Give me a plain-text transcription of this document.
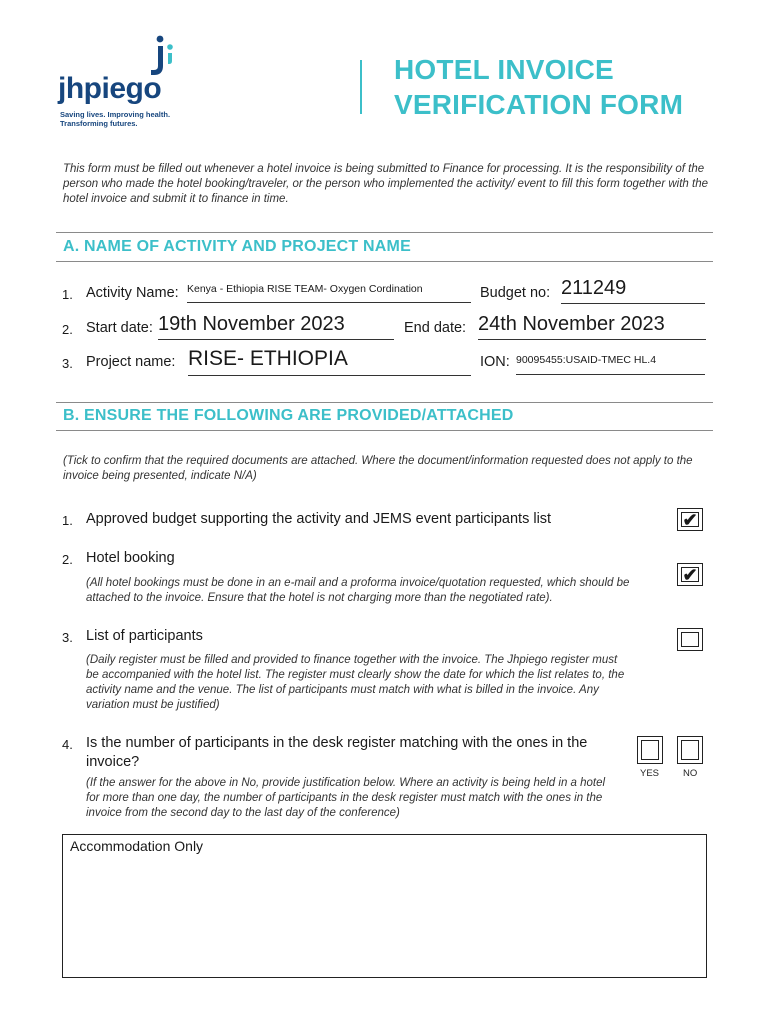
jhpiego
Saving lives. Improving health.
Transforming futures.
HOTEL INVOICE
VERIFICATION FORM
This form must be filled out whenever a hotel invoice is being submitted to Finance for processing. It is the responsibility of the person who made the hotel booking/traveler, or the person who implemented the activity/ event to fill this form together with the hotel invoice and submit it to finance in time.
A. NAME OF ACTIVITY AND PROJECT NAME
1. Activity Name: Kenya - Ethiopia RISE TEAM- Oxygen Cordination	Budget no: 211249
2. Start date: 19th November 2023	End date: 24th November 2023
3. Project name: RISE- ETHIOPIA	ION: 90095455:USAID-TMEC HL.4
B. ENSURE THE FOLLOWING ARE PROVIDED/ATTACHED
(Tick to confirm that the required documents are attached. Where the document/information requested does not apply to the invoice being presented, indicate N/A)
1. Approved budget supporting the activity and JEMS event participants list	✔
2. Hotel booking
(All hotel bookings must be done in an e-mail and a proforma invoice/quotation requested, which should be attached to the invoice. Ensure that the hotel is not charging more than the negotiated rate).
✔
3. List of participants
(Daily register must be filled and provided to finance together with the invoice. The Jhpiego register must be accompanied with the hotel list. The register must clearly show the date for which the list relates to, the activity name and the venue. The list of participants must match with what is billed in the invoice. Any variation must be justified)
4. Is the number of participants in the desk register matching with the ones in the invoice?
(If the answer for the above in No, provide justification below. Where an activity is being held in a hotel for more than one day, the number of participants in the desk register must match with the ones in the invoice from the second day to the last day of the conference)
YES	NO
Accommodation Only
